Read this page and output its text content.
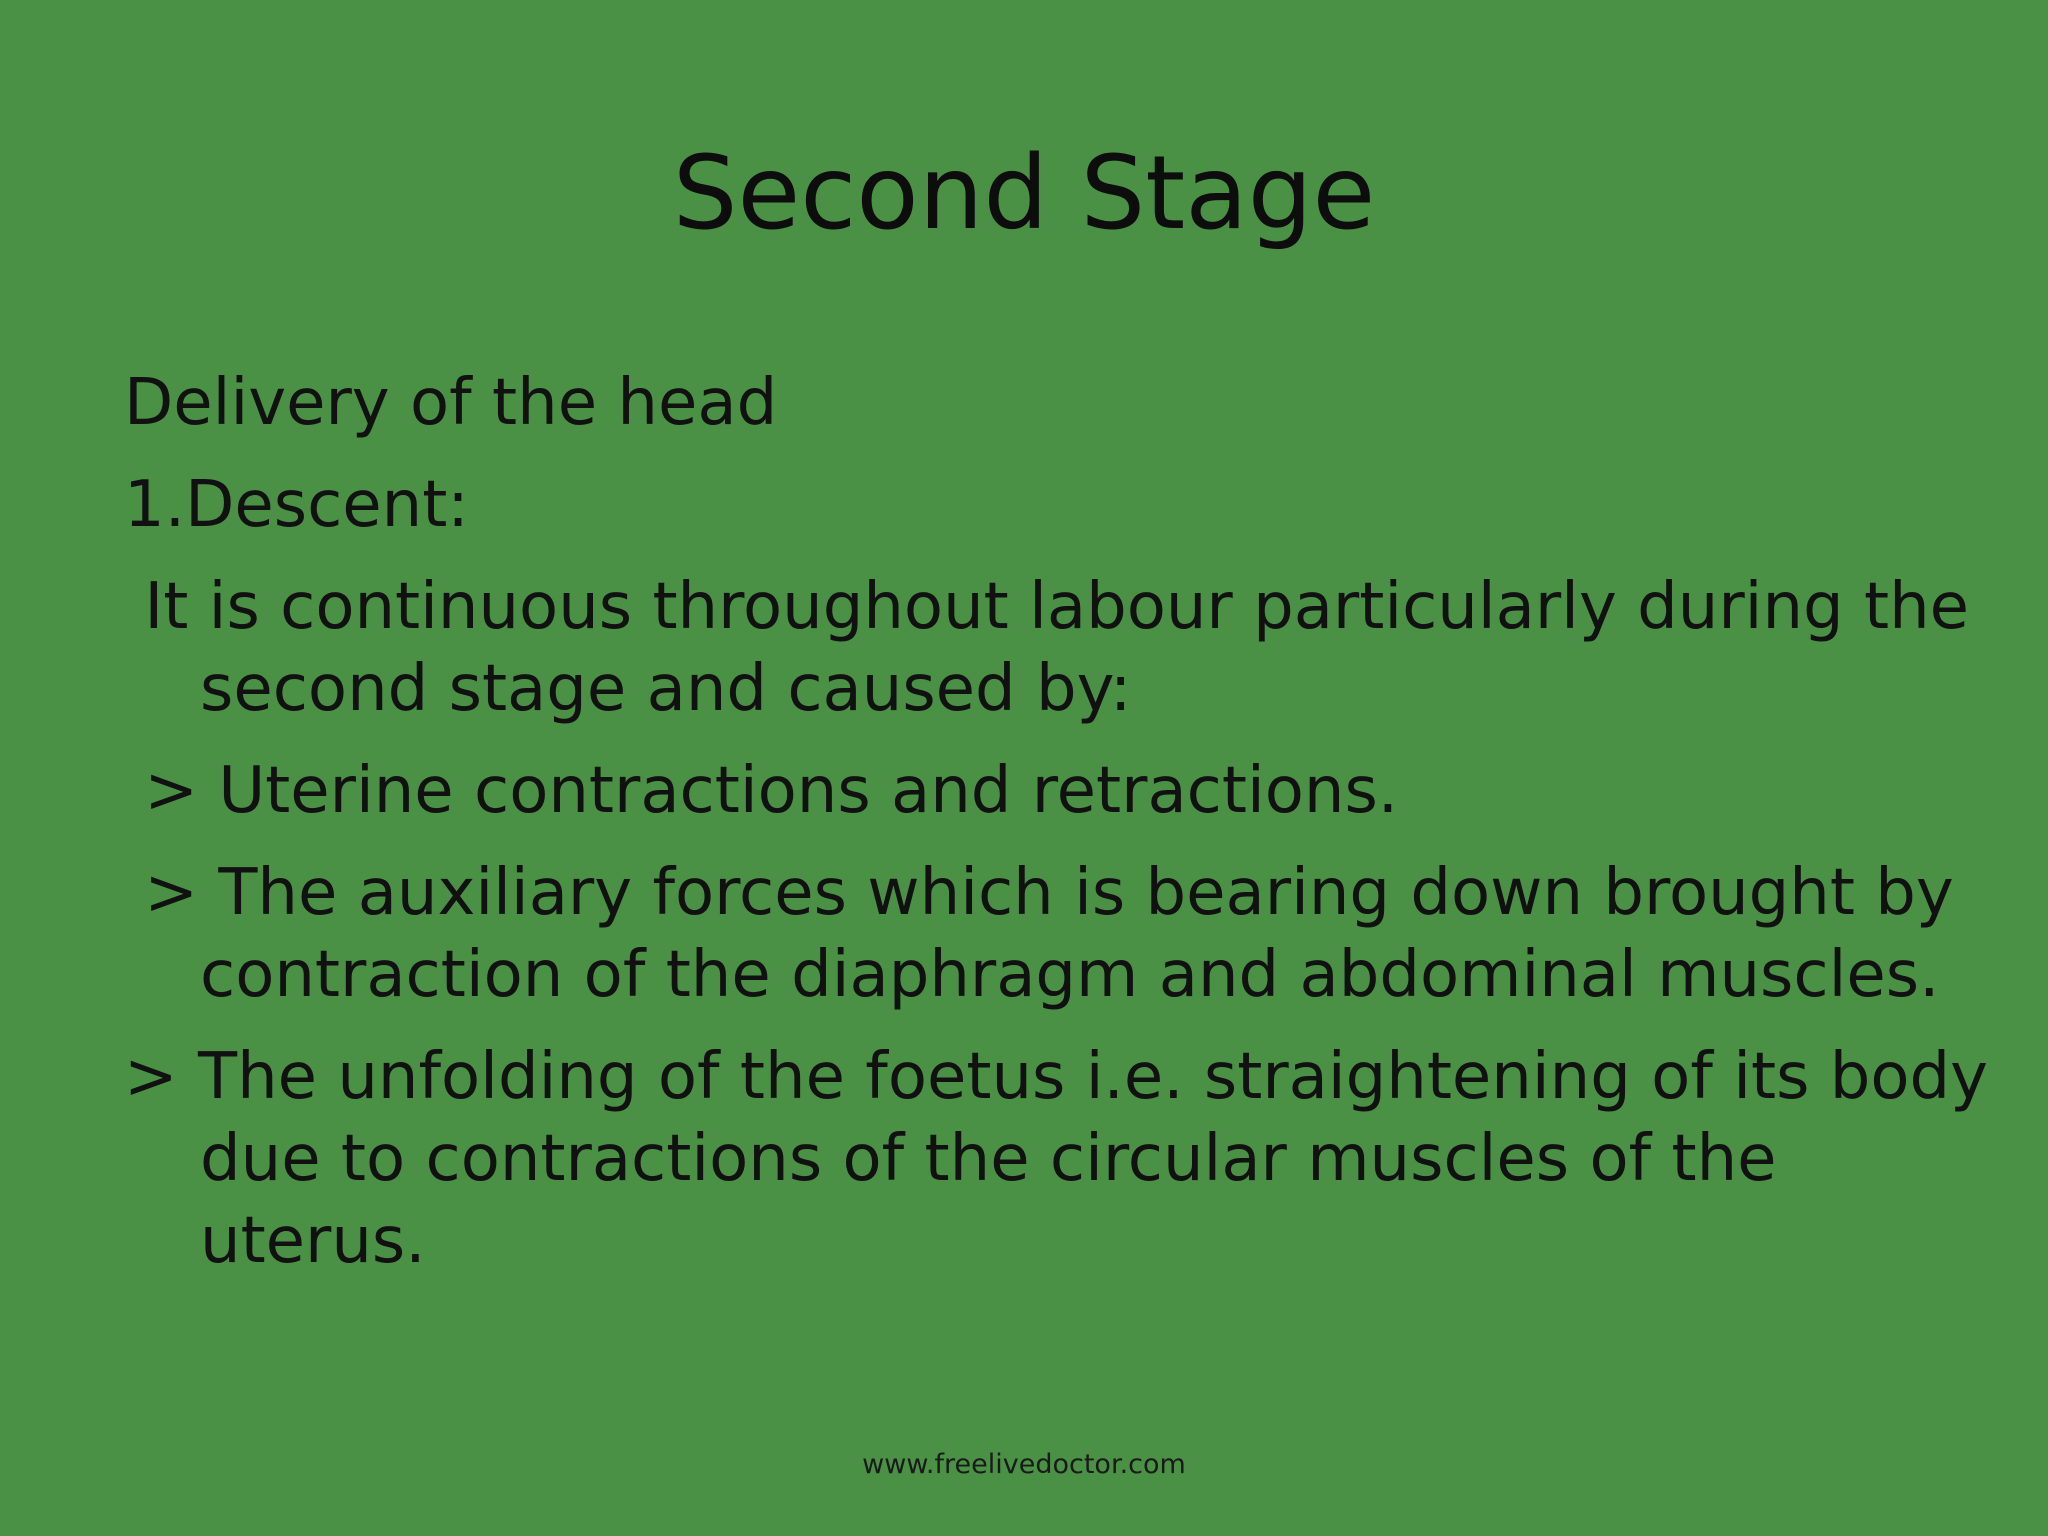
Second Stage
Delivery of the head
1.Descent:
It is continuous throughout labour particularly during the
second stage and caused by:
> Uterine contractions and retractions.
> The auxiliary forces which is bearing down brought by
contraction of the diaphragm and abdominal muscles.
> The unfolding of the foetus i.e. straightening of its body
due to contractions of the circular muscles of the
uterus.
www.freelivedoctor.com
